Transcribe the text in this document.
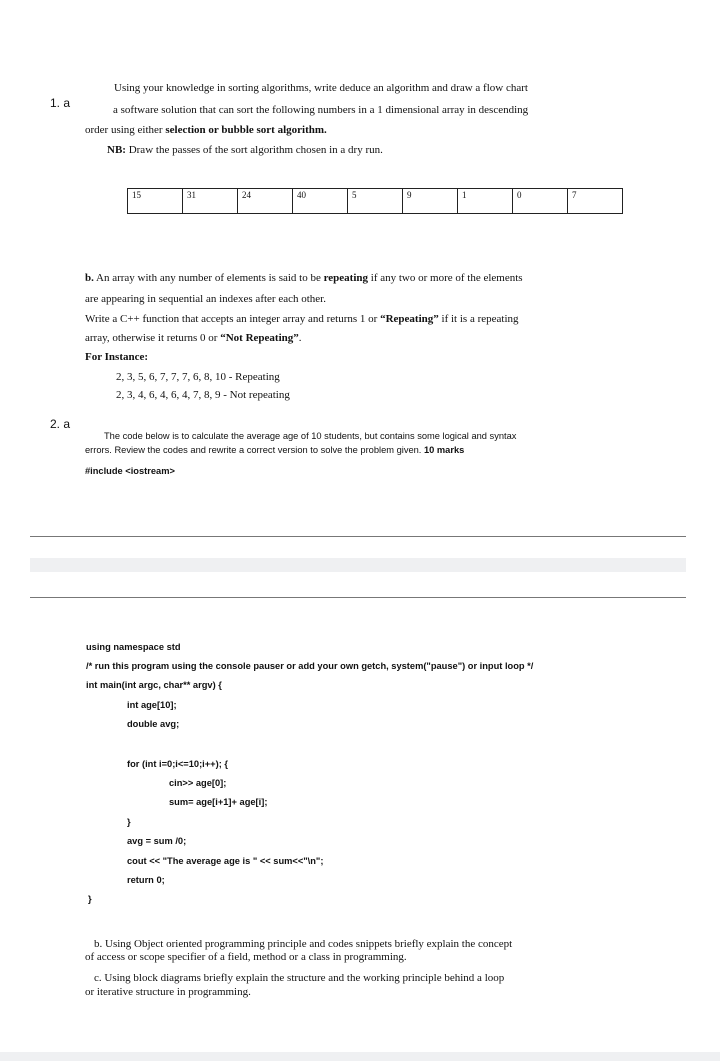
1. a
Using your knowledge in sorting algorithms, write deduce an algorithm and draw a flow chart
a software solution that can sort the following numbers in a 1 dimensional array in descending
order using either selection or bubble sort algorithm.
NB: Draw the passes of the sort algorithm chosen in a dry run.
15	31	24	40	5	9	1	0	7
b. An array with any number of elements is said to be repeating if any two or more of the elements
are appearing in sequential an indexes after each other.
Write a C++ function that accepts an integer array and returns 1 or “Repeating” if it is a repeating
array, otherwise it returns 0 or “Not Repeating”.
For Instance:
2, 3, 5, 6, 7, 7, 7, 6, 8, 10 - Repeating
2, 3, 4, 6, 4, 6, 4, 7, 8, 9 - Not repeating
2. a
The code below is to calculate the average age of 10 students, but contains some logical and syntax
errors. Review the codes and rewrite a correct version to solve the problem given. 10 marks
#include <iostream>
using namespace std
/* run this program using the console pauser or add your own getch, system("pause") or input loop */
int main(int argc, char** argv) {
int age[10];
double avg;
for (int i=0;i<=10;i++); {
cin>> age[0];
sum= age[i+1]+ age[i];
}
avg = sum /0;
cout << "The average age is " << sum<<"\n";
return 0;
}
b. Using Object oriented programming principle and codes snippets briefly explain the concept
of access or scope specifier of a field, method or a class in programming.
c. Using block diagrams briefly explain the structure and the working principle behind a loop
or iterative structure in programming.
